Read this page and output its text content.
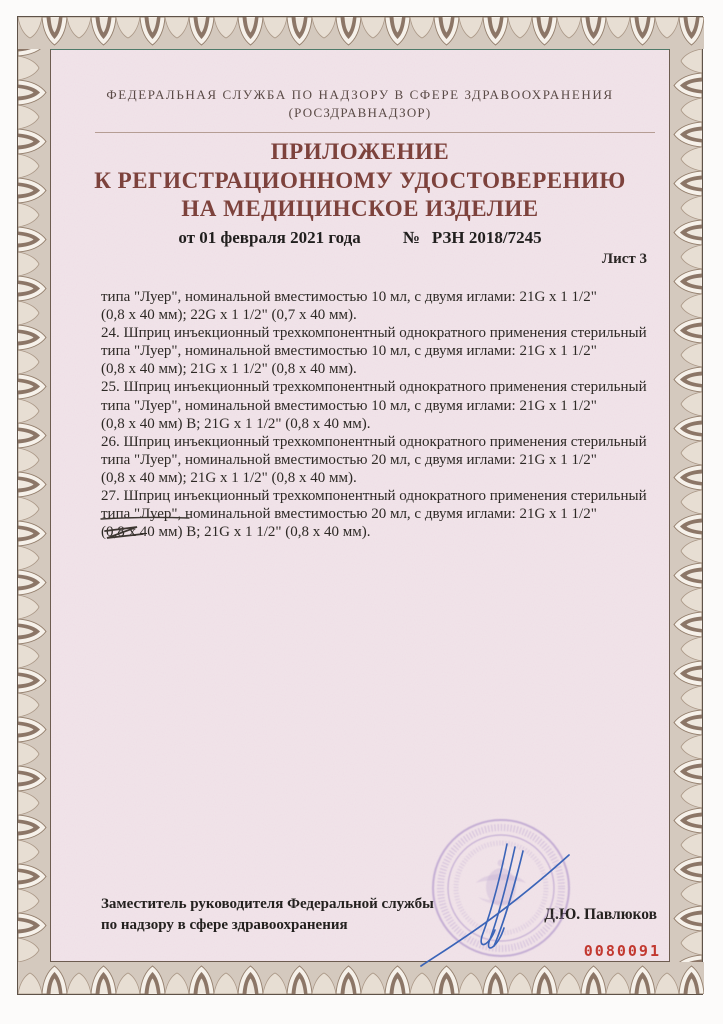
ФЕДЕРАЛЬНАЯ СЛУЖБА ПО НАДЗОРУ В СФЕРЕ ЗДРАВООХРАНЕНИЯ
(РОСЗДРАВНАДЗОР)
ПРИЛОЖЕНИЕ
К РЕГИСТРАЦИОННОМУ УДОСТОВЕРЕНИЮ
НА МЕДИЦИНСКОЕ ИЗДЕЛИЕ
от 01 февраля 2021 года № РЗН 2018/7245
Лист 3
типа "Луер", номинальной вместимостью 10 мл, с двумя иглами: 21G x 1 1/2"
(0,8 x 40 мм); 22G x 1 1/2" (0,7 x 40 мм).
24. Шприц инъекционный трехкомпонентный однократного применения стерильный
типа "Луер", номинальной вместимостью 10 мл, с двумя иглами: 21G x 1 1/2"
(0,8 x 40 мм); 21G x 1 1/2" (0,8 x 40 мм).
25. Шприц инъекционный трехкомпонентный однократного применения стерильный
типа "Луер", номинальной вместимостью 10 мл, с двумя иглами: 21G x 1 1/2"
(0,8 x 40 мм) B; 21G x 1 1/2" (0,8 x 40 мм).
26. Шприц инъекционный трехкомпонентный однократного применения стерильный
типа "Луер", номинальной вместимостью 20 мл, с двумя иглами: 21G x 1 1/2"
(0,8 x 40 мм); 21G x 1 1/2" (0,8 x 40 мм).
27. Шприц инъекционный трехкомпонентный однократного применения стерильный
типа "Луер", номинальной вместимостью 20 мл, с двумя иглами: 21G x 1 1/2"
(0,8 x 40 мм) B; 21G x 1 1/2" (0,8 x 40 мм).
Заместитель руководителя Федеральной службы
по надзору в сфере здравоохранения
Д.Ю. Павлюков
0080091
